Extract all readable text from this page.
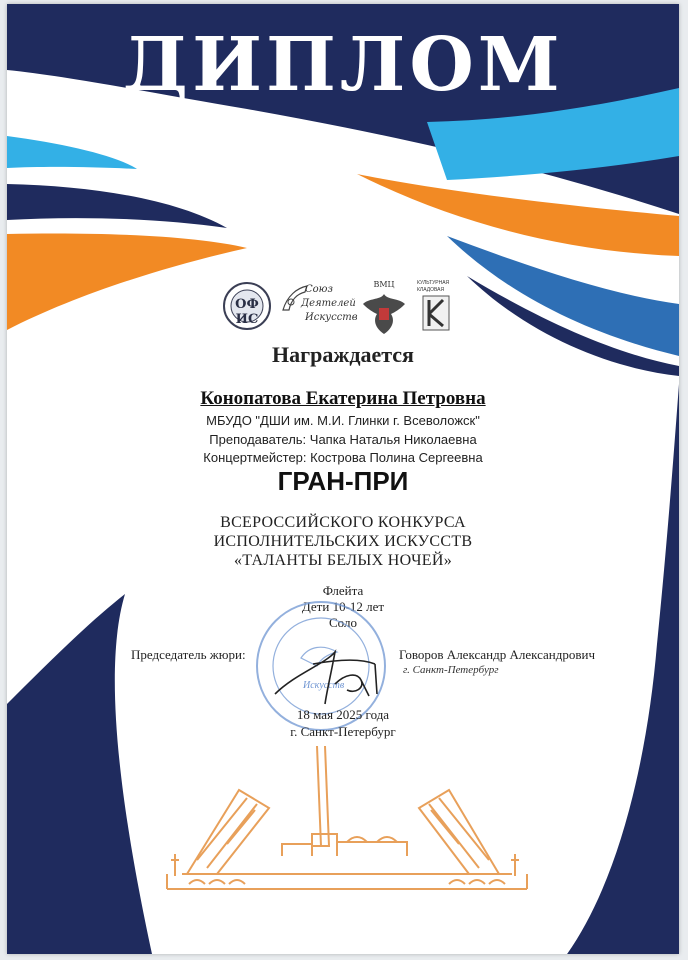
ДИПЛОМ
ОФ ИС
Союз
Деятелей
Искусств
ВМЦ	КУЛЬТУРНАЯ
КЛАДОВАЯ
Награждается
Конопатова Екатерина Петровна
МБУДО "ДШИ им. М.И. Глинки г. Всеволожск"
Преподаватель: Чапка Наталья Николаевна
Концертмейстер: Кострова Полина Сергеевна
ГРАН-ПРИ
ВСЕРОССИЙСКОГО КОНКУРСА
ИСПОЛНИТЕЛЬСКИХ ИСКУССТВ
«ТАЛАНТЫ БЕЛЫХ НОЧЕЙ»
Флейта
Дети 10-12 лет
Соло
Искусств
Председатель жюри:	Говоров Александр Александрович
г. Санкт-Петербург
18 мая 2025 года
г. Санкт-Петербург
